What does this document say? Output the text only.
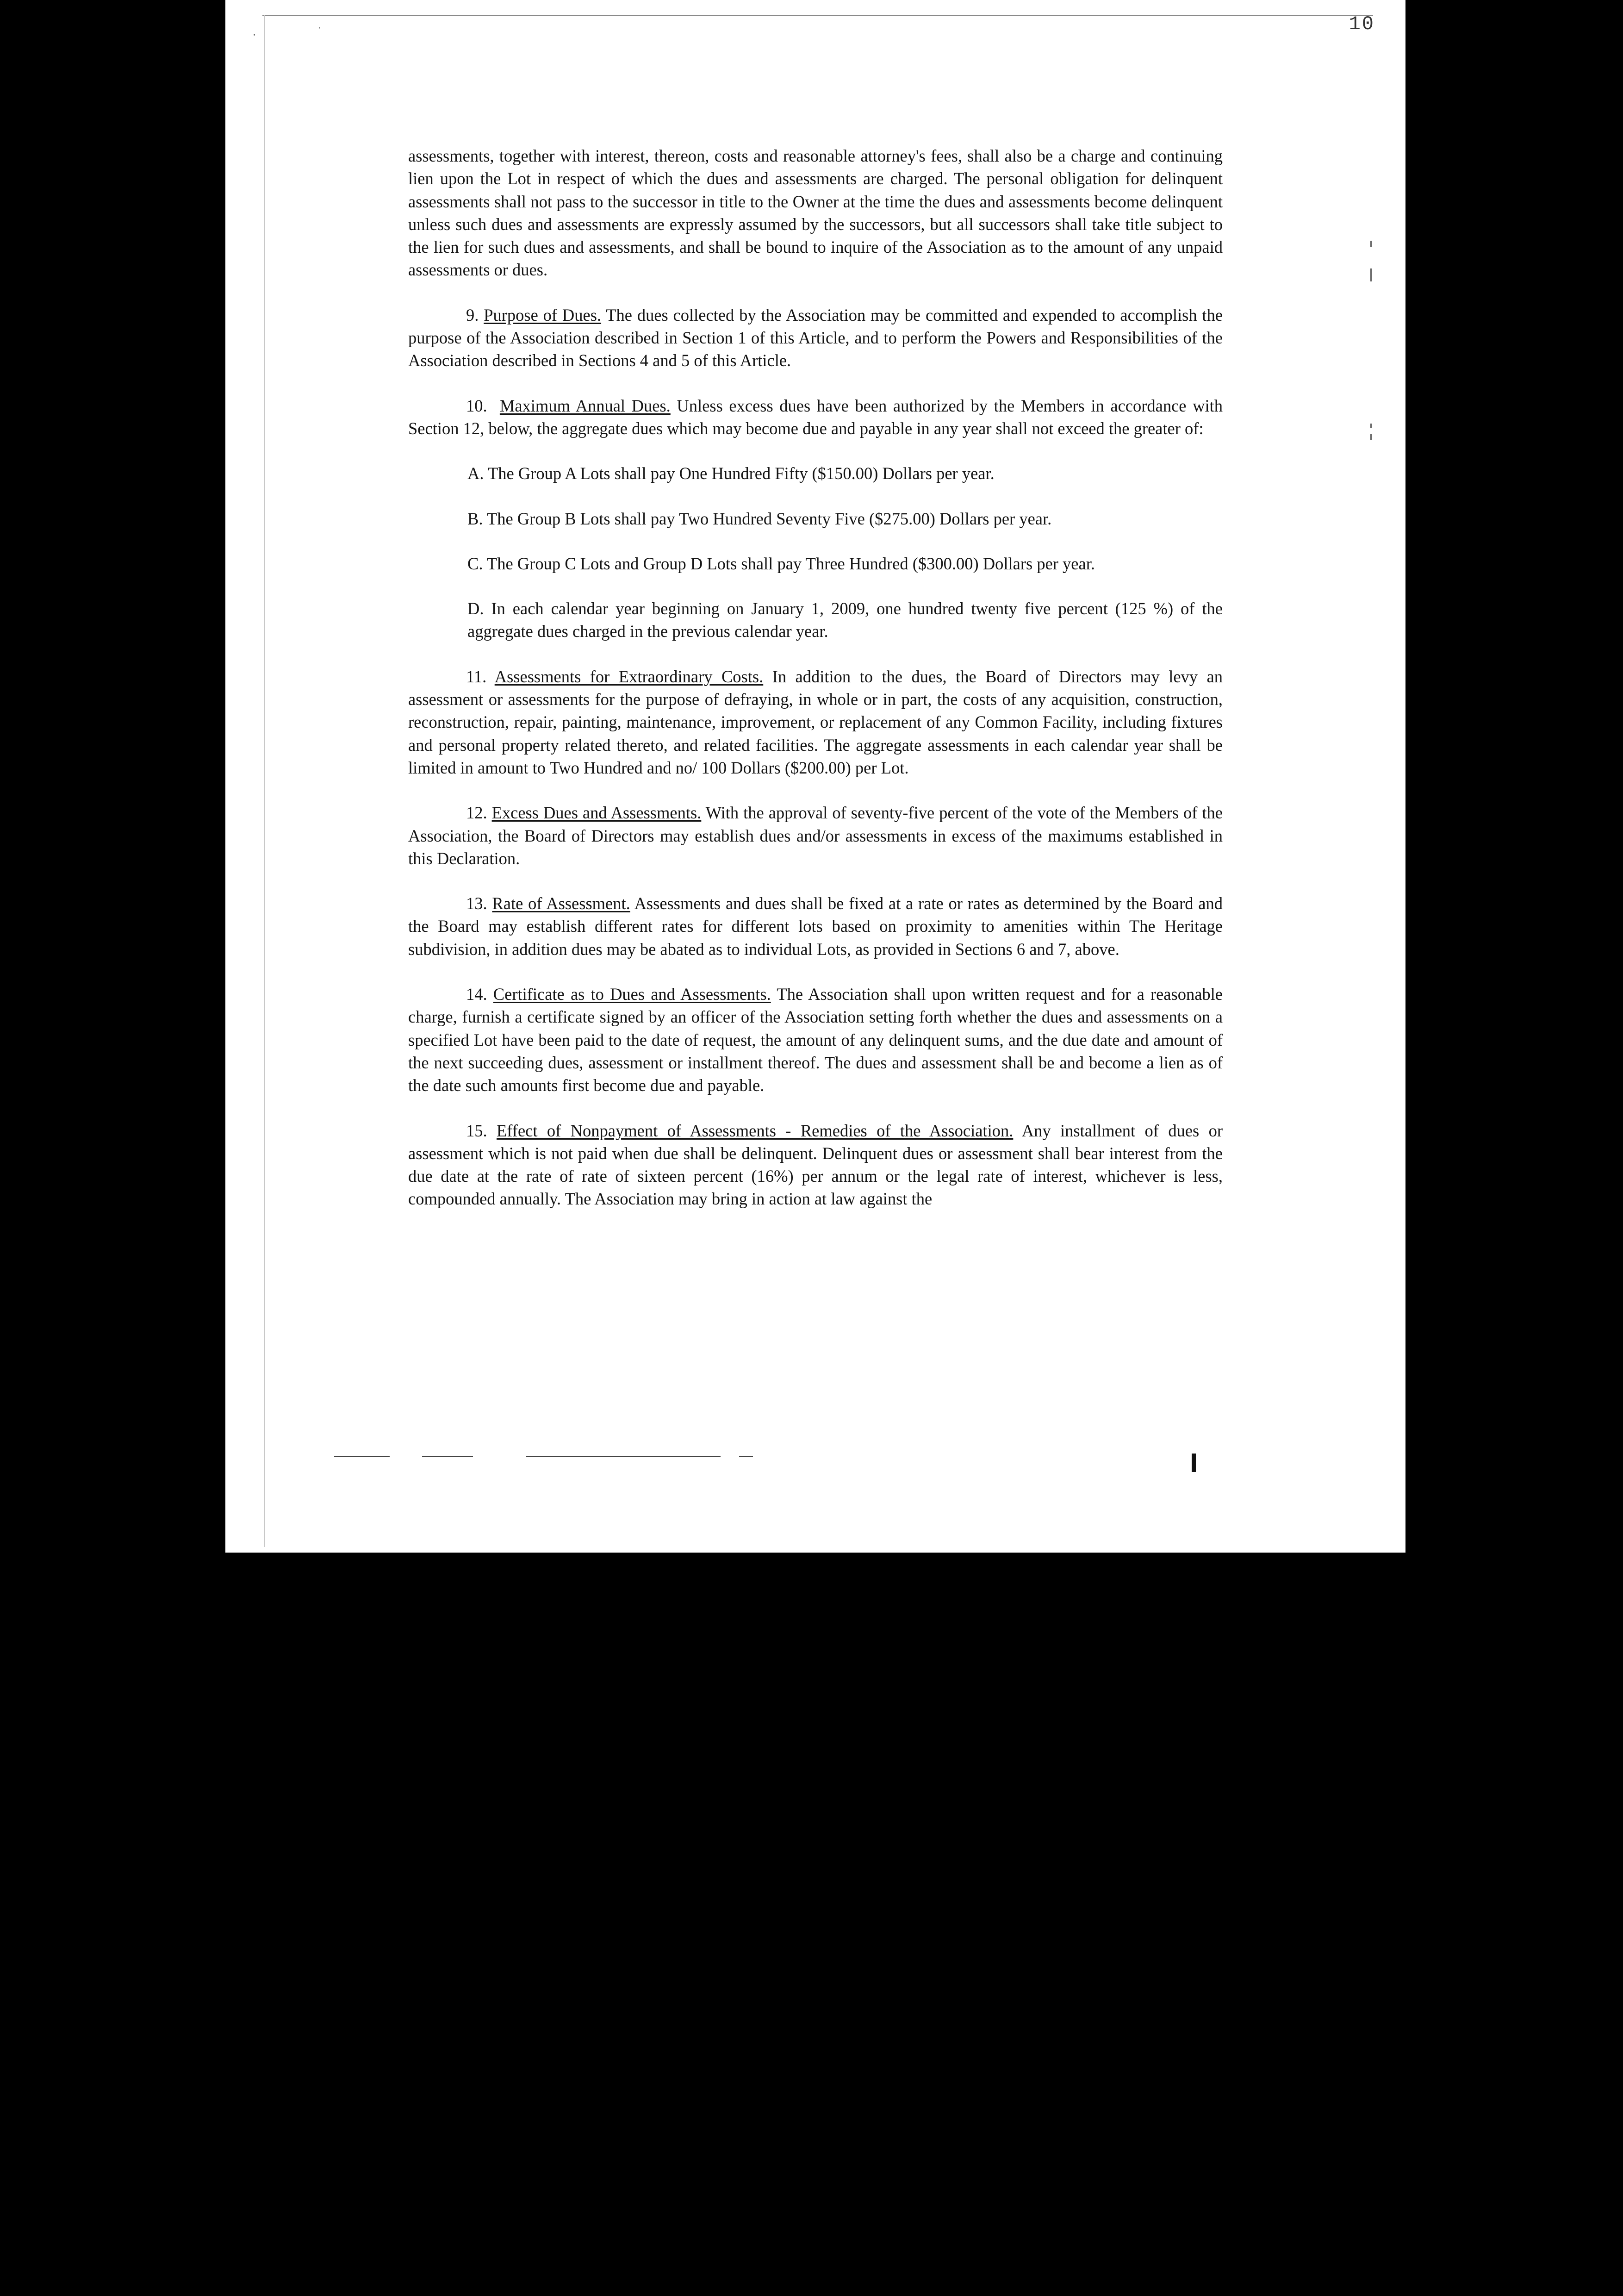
,	·	10

assessments, together with interest, thereon, costs and reasonable attorney's fees, shall also be a charge and continuing lien upon the Lot in respect of which the dues and assessments are charged. The personal obligation for delinquent assessments shall not pass to the successor in title to the Owner at the time the dues and assessments become delinquent unless such dues and assessments are expressly assumed by the successors, but all successors shall take title subject to the lien for such dues and assessments, and shall be bound to inquire of the Association as to the amount of any unpaid assessments or dues.

9. Purpose of Dues. The dues collected by the Association may be committed and expended to accomplish the purpose of the Association described in Section 1 of this Article, and to perform the Powers and Responsibilities of the Association described in Sections 4 and 5 of this Article.

10. Maximum Annual Dues. Unless excess dues have been authorized by the Members in accordance with Section 12, below, the aggregate dues which may become due and payable in any year shall not exceed the greater of:

A. The Group A Lots shall pay One Hundred Fifty ($150.00) Dollars per year.

B. The Group B Lots shall pay Two Hundred Seventy Five ($275.00) Dollars per year.

C. The Group C Lots and Group D Lots shall pay Three Hundred ($300.00) Dollars per year.

D. In each calendar year beginning on January 1, 2009, one hundred twenty five percent (125 %) of the aggregate dues charged in the previous calendar year.

11. Assessments for Extraordinary Costs. In addition to the dues, the Board of Directors may levy an assessment or assessments for the purpose of defraying, in whole or in part, the costs of any acquisition, construction, reconstruction, repair, painting, maintenance, improvement, or replacement of any Common Facility, including fixtures and personal property related thereto, and related facilities. The aggregate assessments in each calendar year shall be limited in amount to Two Hundred and no/ 100 Dollars ($200.00) per Lot.

12. Excess Dues and Assessments. With the approval of seventy-five percent of the vote of the Members of the Association, the Board of Directors may establish dues and/or assessments in excess of the maximums established in this Declaration.

13. Rate of Assessment. Assessments and dues shall be fixed at a rate or rates as determined by the Board and the Board may establish different rates for different lots based on proximity to amenities within The Heritage subdivision, in addition dues may be abated as to individual Lots, as provided in Sections 6 and 7, above.

14. Certificate as to Dues and Assessments. The Association shall upon written request and for a reasonable charge, furnish a certificate signed by an officer of the Association setting forth whether the dues and assessments on a specified Lot have been paid to the date of request, the amount of any delinquent sums, and the due date and amount of the next succeeding dues, assessment or installment thereof. The dues and assessment shall be and become a lien as of the date such amounts first become due and payable.

15. Effect of Nonpayment of Assessments - Remedies of the Association. Any installment of dues or assessment which is not paid when due shall be delinquent. Delinquent dues or assessment shall bear interest from the due date at the rate of rate of sixteen percent (16%) per annum or the legal rate of interest, whichever is less, compounded annually. The Association may bring in action at law against the
